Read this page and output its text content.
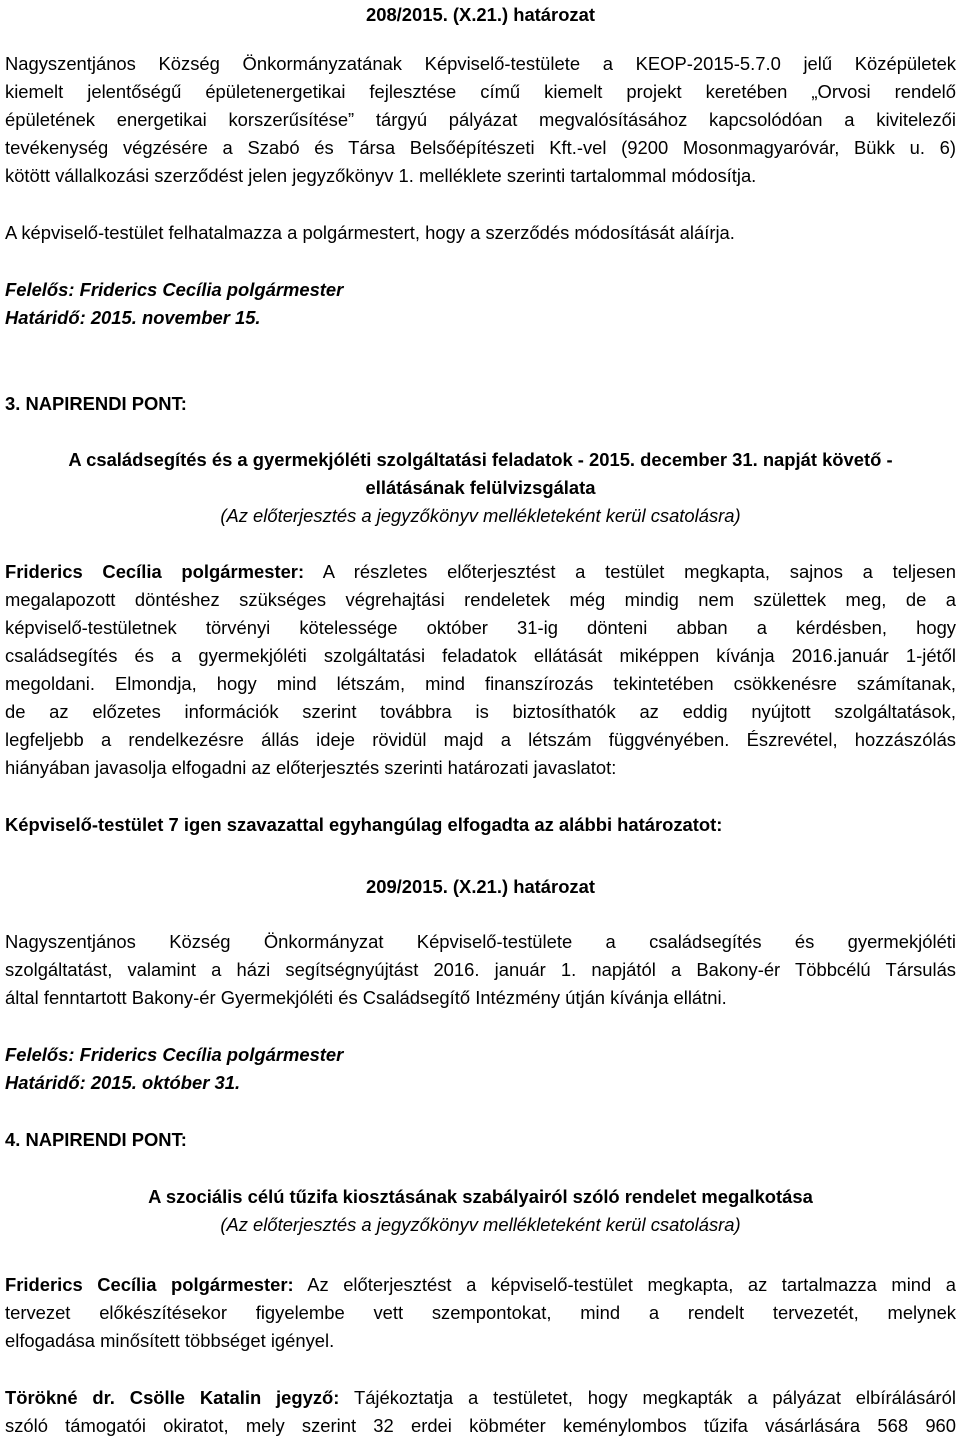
208/2015. (X.21.) határozat

Nagyszentjános Község Önkormányzatának Képviselő-testülete a KEOP-2015-5.7.0 jelű Középületek

kiemelt jelentőségű épületenergetikai fejlesztése című kiemelt projekt keretében „Orvosi rendelő

épületének energetikai korszerűsítése” tárgyú pályázat megvalósításához kapcsolódóan a kivitelezői

tevékenység végzésére a Szabó és Társa Belsőépítészeti Kft.-vel (9200 Mosonmagyaróvár, Bükk u. 6)

kötött vállalkozási szerződést jelen jegyzőkönyv 1. melléklete szerinti tartalommal módosítja.

A képviselő-testület felhatalmazza a polgármestert, hogy a szerződés módosítását aláírja.

Felelős: Friderics Cecília polgármester

Határidő: 2015. november 15.

3. NAPIRENDI PONT:

A családsegítés és a gyermekjóléti szolgáltatási feladatok - 2015. december 31. napját követő -

ellátásának felülvizsgálata

(Az előterjesztés a jegyzőkönyv mellékleteként kerül csatolásra)

Friderics Cecília polgármester: A részletes előterjesztést a testület megkapta, sajnos a teljesen

megalapozott döntéshez szükséges végrehajtási rendeletek még mindig nem születtek meg, de a

képviselő-testületnek törvényi kötelessége október 31-ig dönteni abban a kérdésben, hogy

családsegítés és a gyermekjóléti szolgáltatási feladatok ellátását miképpen kívánja 2016.január 1-jétől

megoldani. Elmondja, hogy mind létszám, mind finanszírozás tekintetében csökkenésre számítanak,

de az előzetes információk szerint továbbra is biztosíthatók az eddig nyújtott szolgáltatások,

legfeljebb a rendelkezésre állás ideje rövidül majd a létszám függvényében. Észrevétel, hozzászólás

hiányában javasolja elfogadni az előterjesztés szerinti határozati javaslatot:

Képviselő-testület 7 igen szavazattal egyhangúlag elfogadta az alábbi határozatot:

209/2015. (X.21.) határozat

Nagyszentjános Község Önkormányzat Képviselő-testülete a családsegítés és gyermekjóléti

szolgáltatást, valamint a házi segítségnyújtást 2016. január 1. napjától a Bakony-ér Többcélú Társulás

által fenntartott Bakony-ér Gyermekjóléti és Családsegítő Intézmény útján kívánja ellátni.

Felelős: Friderics Cecília polgármester

Határidő: 2015. október 31.

4. NAPIRENDI PONT:

A szociális célú tűzifa kiosztásának szabályairól szóló rendelet megalkotása

(Az előterjesztés a jegyzőkönyv mellékleteként kerül csatolásra)

Friderics Cecília polgármester: Az előterjesztést a képviselő-testület megkapta, az tartalmazza mind a

tervezet előkészítésekor figyelembe vett szempontokat, mind a rendelt tervezetét, melynek

elfogadása minősített többséget igényel.

Törökné dr. Csölle Katalin jegyző: Tájékoztatja a testületet, hogy megkapták a pályázat elbírálásáról

szóló támogatói okiratot, mely szerint 32 erdei köbméter keménylombos tűzifa vásárlására 568 960
